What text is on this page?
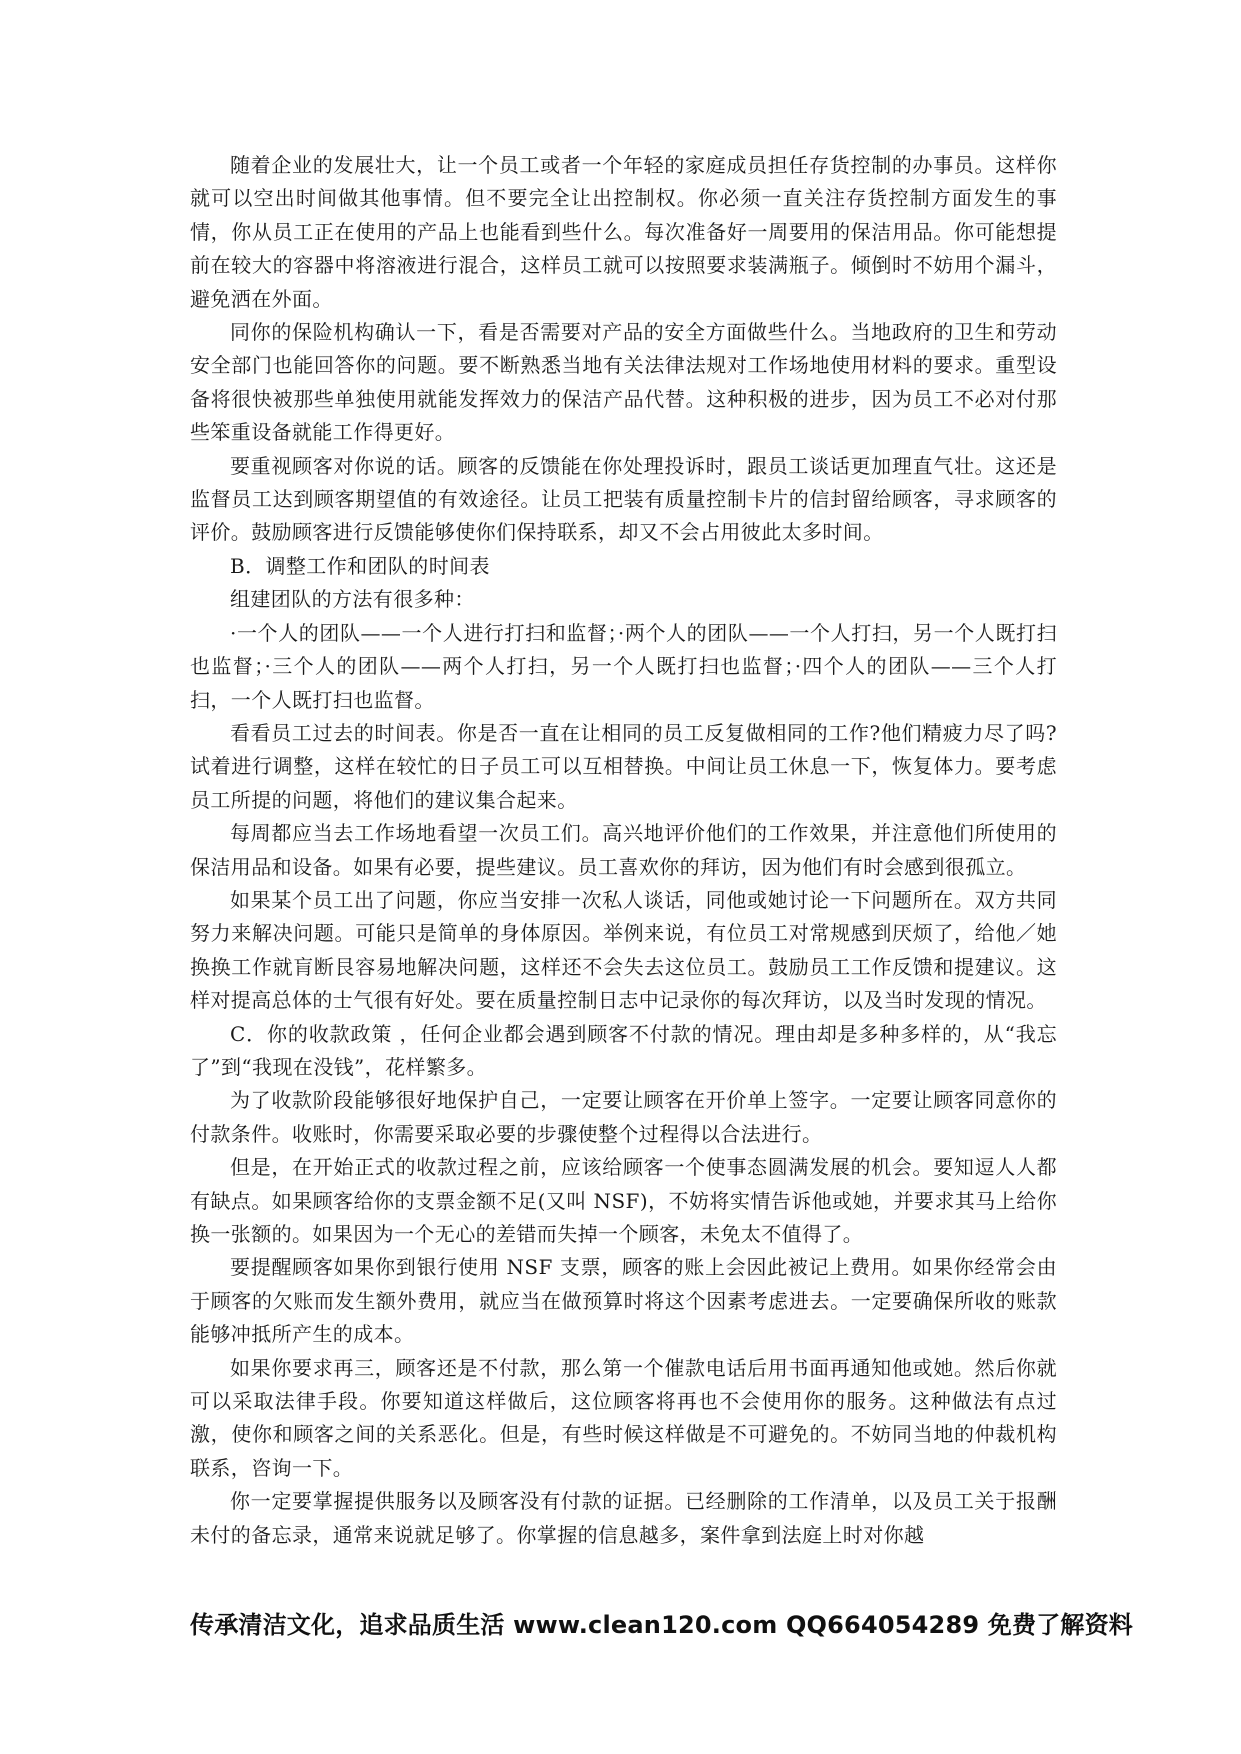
随着企业的发展壮大，让一个员工或者一个年轻的家庭成员担任存货控制的办事员。这样你就可以空出时间做其他事情。但不要完全让出控制权。你必须一直关注存货控制方面发生的事情，你从员工正在使用的产品上也能看到些什么。每次准备好一周要用的保洁用品。你可能想提前在较大的容器中将溶液进行混合，这样员工就可以按照要求装满瓶子。倾倒时不妨用个漏斗，避免洒在外面。

同你的保险机构确认一下，看是否需要对产品的安全方面做些什么。当地政府的卫生和劳动安全部门也能回答你的问题。要不断熟悉当地有关法律法规对工作场地使用材料的要求。重型设备将很快被那些单独使用就能发挥效力的保洁产品代替。这种积极的进步，因为员工不必对付那些笨重设备就能工作得更好。

要重视顾客对你说的话。顾客的反馈能在你处理投诉时，跟员工谈话更加理直气壮。这还是监督员工达到顾客期望值的有效途径。让员工把装有质量控制卡片的信封留给顾客，寻求顾客的评价。鼓励顾客进行反馈能够使你们保持联系，却又不会占用彼此太多时间。

B．调整工作和团队的时间表

组建团队的方法有很多种：

·一个人的团队——一个人进行打扫和监督；·两个人的团队——一个人打扫，另一个人既打扫也监督；·三个人的团队——两个人打扫，另一个人既打扫也监督；·四个人的团队——三个人打扫，一个人既打扫也监督。

看看员工过去的时间表。你是否一直在让相同的员工反复做相同的工作?他们精疲力尽了吗?试着进行调整，这样在较忙的日子员工可以互相替换。中间让员工休息一下，恢复体力。要考虑员工所提的问题，将他们的建议集合起来。

每周都应当去工作场地看望一次员工们。高兴地评价他们的工作效果，并注意他们所使用的保洁用品和设备。如果有必要，提些建议。员工喜欢你的拜访，因为他们有时会感到很孤立。

如果某个员工出了问题，你应当安排一次私人谈话，同他或她讨论一下问题所在。双方共同努力来解决问题。可能只是简单的身体原因。举例来说，有位员工对常规感到厌烦了，给他／她换换工作就肓断艮容易地解决问题，这样还不会失去这位员工。鼓励员工工作反馈和提建议。这样对提高总体的士气很有好处。要在质量控制日志中记录你的每次拜访，以及当时发现的情况。

C．你的收款政策 ，任何企业都会遇到顾客不付款的情况。理由却是多种多样的，从“我忘了”到“我现在没钱”，花样繁多。

为了收款阶段能够很好地保护自己，一定要让顾客在开价单上签字。一定要让顾客同意你的付款条件。收账时，你需要采取必要的步骤使整个过程得以合法进行。

但是，在开始正式的收款过程之前，应该给顾客一个使事态圆满发展的机会。要知逗人人都有缺点。如果顾客给你的支票金额不足(又叫 NSF)，不妨将实情告诉他或她，并要求其马上给你换一张额的。如果因为一个无心的差错而失掉一个顾客，未免太不值得了。

要提醒顾客如果你到银行使用 NSF 支票，顾客的账上会因此被记上费用。如果你经常会由于顾客的欠账而发生额外费用，就应当在做预算时将这个因素考虑进去。一定要确保所收的账款能够冲抵所产生的成本。

如果你要求再三，顾客还是不付款，那么第一个催款电话后用书面再通知他或她。然后你就可以采取法律手段。你要知道这样做后，这位顾客将再也不会使用你的服务。这种做法有点过激，使你和顾客之间的关系恶化。但是，有些时候这样做是不可避免的。不妨同当地的仲裁机构联系，咨询一下。

你一定要掌握提供服务以及顾客没有付款的证据。已经删除的工作清单，以及员工关于报酬未付的备忘录，通常来说就足够了。你掌握的信息越多，案件拿到法庭上时对你越

传承清洁文化，追求品质生活 www.clean120.com QQ664054289 免费了解资料
